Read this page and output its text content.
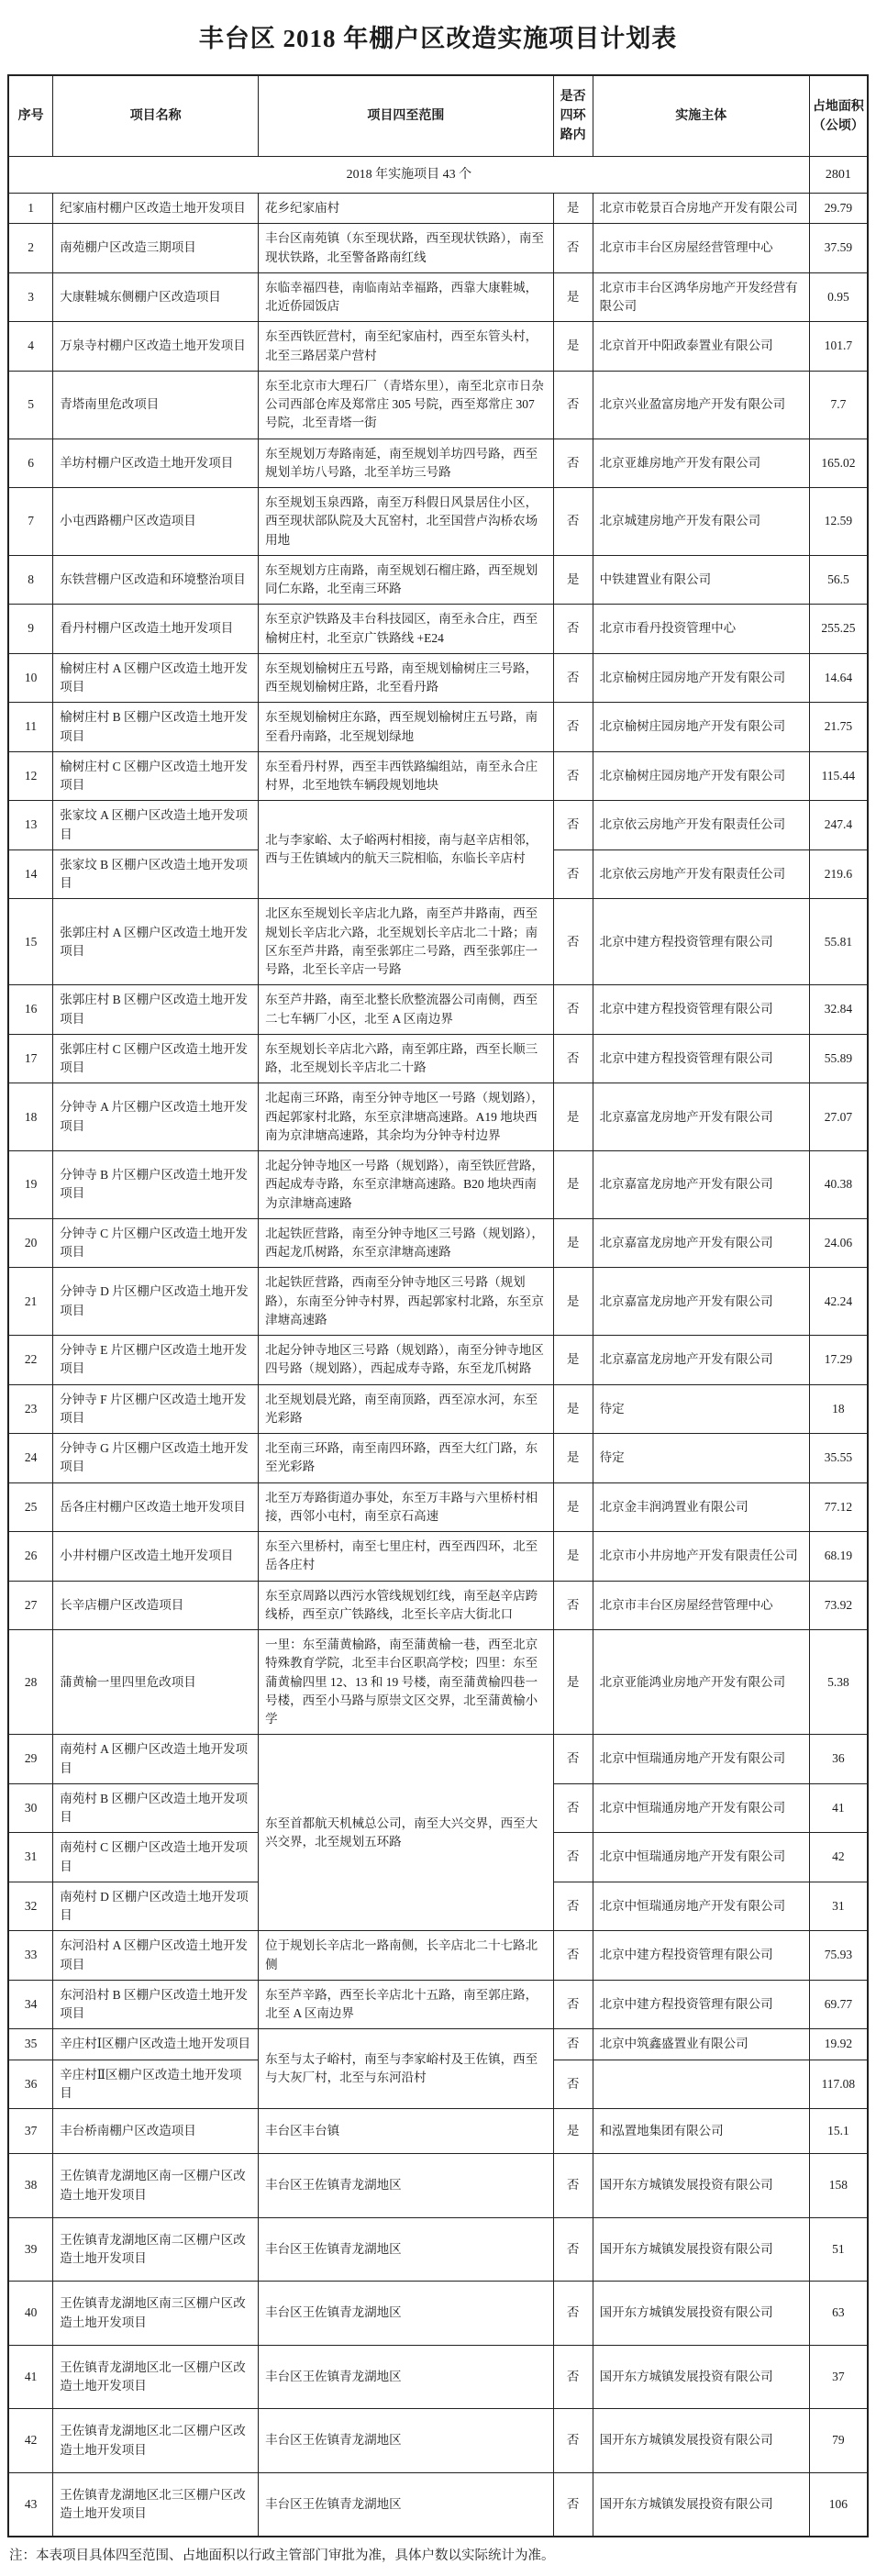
丰台区 2018 年棚户区改造实施项目计划表
序号	项目名称	项目四至范围	是否四环路内	实施主体	占地面积（公顷）
2018 年实施项目 43 个					2801
1	纪家庙村棚户区改造土地开发项目	花乡纪家庙村	是	北京市乾景百合房地产开发有限公司	29.79
2	南苑棚户区改造三期项目	丰台区南苑镇（东至现状路，西至现状铁路），南至现状铁路，北至警备路南红线	否	北京市丰台区房屋经营管理中心	37.59
3	大康鞋城东侧棚户区改造项目	东临幸福四巷，南临南站幸福路，西靠大康鞋城，北近侨园饭店	是	北京市丰台区鸿华房地产开发经营有限公司	0.95
4	万泉寺村棚户区改造土地开发项目	东至西铁匠营村，南至纪家庙村，西至东管头村，北至三路居菜户营村	是	北京首开中阳政泰置业有限公司	101.7
5	青塔南里危改项目	东至北京市大理石厂（青塔东里），南至北京市日杂公司西部仓库及郑常庄 305 号院，西至郑常庄 307 号院，北至青塔一街	否	北京兴业盈富房地产开发有限公司	7.7
6	羊坊村棚户区改造土地开发项目	东至规划万寿路南延，南至规划羊坊四号路，西至规划羊坊八号路，北至羊坊三号路	否	北京亚雄房地产开发有限公司	165.02
7	小屯西路棚户区改造项目	东至规划玉泉西路，南至万科假日风景居住小区，西至现状部队院及大瓦窑村，北至国营卢沟桥农场用地	否	北京城建房地产开发有限公司	12.59
8	东铁营棚户区改造和环境整治项目	东至规划方庄南路，南至规划石榴庄路，西至规划同仁东路，北至南三环路	是	中铁建置业有限公司	56.5
9	看丹村棚户区改造土地开发项目	东至京沪铁路及丰台科技园区，南至永合庄，西至榆树庄村，北至京广铁路线 +E24	否	北京市看丹投资管理中心	255.25
10	榆树庄村 A 区棚户区改造土地开发项目	东至规划榆树庄五号路，南至规划榆树庄三号路，西至规划榆树庄路，北至看丹路	否	北京榆树庄园房地产开发有限公司	14.64
11	榆树庄村 B 区棚户区改造土地开发项目	东至规划榆树庄东路，西至规划榆树庄五号路，南至看丹南路，北至规划绿地	否	北京榆树庄园房地产开发有限公司	21.75
12	榆树庄村 C 区棚户区改造土地开发项目	东至看丹村界，西至丰西铁路编组站，南至永合庄村界，北至地铁车辆段规划地块	否	北京榆树庄园房地产开发有限公司	115.44
13	张家坟 A 区棚户区改造土地开发项目	北与李家峪、太子峪两村相接，南与赵辛店相邻，西与王佐镇域内的航天三院相临，东临长辛店村	否	北京依云房地产开发有限责任公司	247.4
14	张家坟 B 区棚户区改造土地开发项目		否	北京依云房地产开发有限责任公司	219.6
15	张郭庄村 A 区棚户区改造土地开发项目	北区东至规划长辛店北九路，南至芦井路南，西至规划长辛店北六路，北至规划长辛店北二十路；南区东至芦井路，南至张郭庄二号路，西至张郭庄一号路，北至长辛店一号路	否	北京中建方程投资管理有限公司	55.81
16	张郭庄村 B 区棚户区改造土地开发项目	东至芦井路，南至北整长欣整流器公司南侧，西至二七车辆厂小区，北至 A 区南边界	否	北京中建方程投资管理有限公司	32.84
17	张郭庄村 C 区棚户区改造土地开发项目	东至规划长辛店北六路，南至郭庄路，西至长顺三路，北至规划长辛店北二十路	否	北京中建方程投资管理有限公司	55.89
18	分钟寺 A 片区棚户区改造土地开发项目	北起南三环路，南至分钟寺地区一号路（规划路），西起郭家村北路，东至京津塘高速路。A19 地块西南为京津塘高速路，其余均为分钟寺村边界	是	北京嘉富龙房地产开发有限公司	27.07
19	分钟寺 B 片区棚户区改造土地开发项目	北起分钟寺地区一号路（规划路），南至铁匠营路，西起成寿寺路，东至京津塘高速路。B20 地块西南为京津塘高速路	是	北京嘉富龙房地产开发有限公司	40.38
20	分钟寺 C 片区棚户区改造土地开发项目	北起铁匠营路，南至分钟寺地区三号路（规划路），西起龙爪树路，东至京津塘高速路	是	北京嘉富龙房地产开发有限公司	24.06
21	分钟寺 D 片区棚户区改造土地开发项目	北起铁匠营路，西南至分钟寺地区三号路（规划路），东南至分钟寺村界，西起郭家村北路，东至京津塘高速路	是	北京嘉富龙房地产开发有限公司	42.24
22	分钟寺 E 片区棚户区改造土地开发项目	北起分钟寺地区三号路（规划路），南至分钟寺地区四号路（规划路），西起成寿寺路，东至龙爪树路	是	北京嘉富龙房地产开发有限公司	17.29
23	分钟寺 F 片区棚户区改造土地开发项目	北至规划晨光路，南至南顶路，西至凉水河，东至光彩路	是	待定	18
24	分钟寺 G 片区棚户区改造土地开发项目	北至南三环路，南至南四环路，西至大红门路，东至光彩路	是	待定	35.55
25	岳各庄村棚户区改造土地开发项目	北至万寿路街道办事处，东至万丰路与六里桥村相接，西邻小屯村，南至京石高速	是	北京金丰润鸿置业有限公司	77.12
26	小井村棚户区改造土地开发项目	东至六里桥村，南至七里庄村，西至西四环，北至岳各庄村	是	北京市小井房地产开发有限责任公司	68.19
27	长辛店棚户区改造项目	东至京周路以西污水管线规划红线，南至赵辛店跨线桥，西至京广铁路线，北至长辛店大街北口	否	北京市丰台区房屋经营管理中心	73.92
28	蒲黄榆一里四里危改项目	一里：东至蒲黄榆路，南至蒲黄榆一巷，西至北京特殊教育学院，北至丰台区职高学校；四里：东至蒲黄榆四里 12、13 和 19 号楼，南至蒲黄榆四巷一号楼，西至小马路与原崇文区交界，北至蒲黄榆小学	是	北京亚能鸿业房地产开发有限公司	5.38
29	南苑村 A 区棚户区改造土地开发项目	东至首都航天机械总公司，南至大兴交界，西至大兴交界，北至规划五环路	否	北京中恒瑞通房地产开发有限公司	36
30	南苑村 B 区棚户区改造土地开发项目		否	北京中恒瑞通房地产开发有限公司	41
31	南苑村 C 区棚户区改造土地开发项目		否	北京中恒瑞通房地产开发有限公司	42
32	南苑村 D 区棚户区改造土地开发项目		否	北京中恒瑞通房地产开发有限公司	31
33	东河沿村 A 区棚户区改造土地开发项目	位于规划长辛店北一路南侧，长辛店北二十七路北侧	否	北京中建方程投资管理有限公司	75.93
34	东河沿村 B 区棚户区改造土地开发项目	东至芦辛路，西至长辛店北十五路，南至郭庄路，北至 A 区南边界	否	北京中建方程投资管理有限公司	69.77
35	辛庄村Ⅰ区棚户区改造土地开发项目	东至与太子峪村，南至与李家峪村及王佐镇，西至与大灰厂村，北至与东河沿村	否	北京中筑鑫盛置业有限公司	19.92
36	辛庄村Ⅱ区棚户区改造土地开发项目		否		117.08
37	丰台桥南棚户区改造项目	丰台区丰台镇	是	和泓置地集团有限公司	15.1
38	王佐镇青龙湖地区南一区棚户区改造土地开发项目	丰台区王佐镇青龙湖地区	否	国开东方城镇发展投资有限公司	158
39	王佐镇青龙湖地区南二区棚户区改造土地开发项目	丰台区王佐镇青龙湖地区	否	国开东方城镇发展投资有限公司	51
40	王佐镇青龙湖地区南三区棚户区改造土地开发项目	丰台区王佐镇青龙湖地区	否	国开东方城镇发展投资有限公司	63
41	王佐镇青龙湖地区北一区棚户区改造土地开发项目	丰台区王佐镇青龙湖地区	否	国开东方城镇发展投资有限公司	37
42	王佐镇青龙湖地区北二区棚户区改造土地开发项目	丰台区王佐镇青龙湖地区	否	国开东方城镇发展投资有限公司	79
43	王佐镇青龙湖地区北三区棚户区改造土地开发项目	丰台区王佐镇青龙湖地区	否	国开东方城镇发展投资有限公司	106
注：本表项目具体四至范围、占地面积以行政主管部门审批为准，具体户数以实际统计为准。
